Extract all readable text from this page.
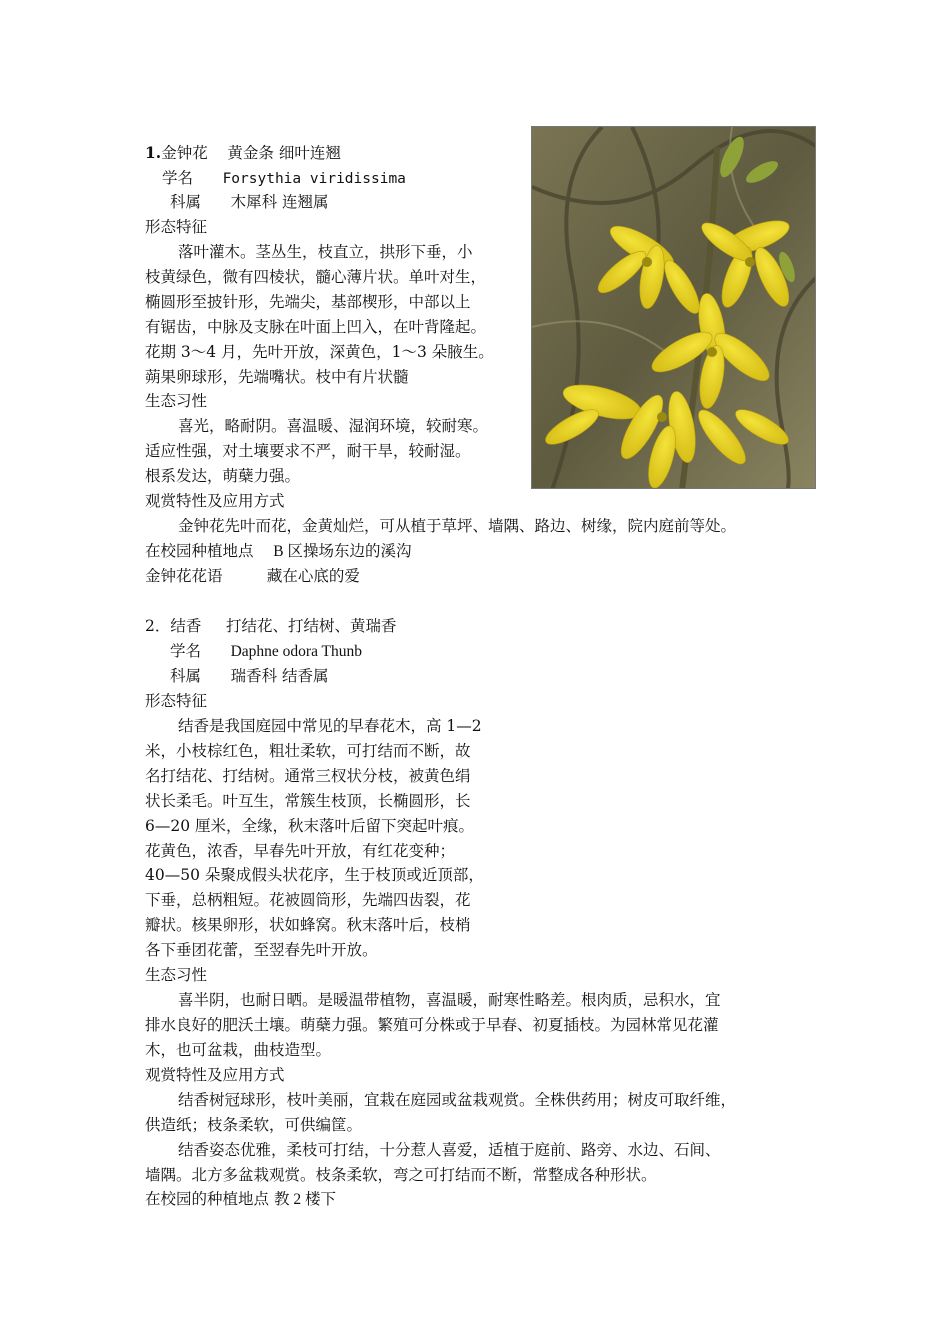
1.金钟花 黄金条 细叶连翘
学名 Forsythia viridissima
科属 木犀科 连翘属
形态特征
落叶灌木。茎丛生，枝直立，拱形下垂，小
枝黄绿色，微有四棱状，髓心薄片状。单叶对生，
椭圆形至披针形，先端尖，基部楔形，中部以上
有锯齿，中脉及支脉在叶面上凹入，在叶背隆起。
花期 3～4 月，先叶开放，深黄色，1～3 朵腋生。
蒴果卵球形，先端嘴状。枝中有片状髓
生态习性
喜光，略耐阴。喜温暖、湿润环境，较耐寒。
适应性强，对土壤要求不严，耐干旱，较耐湿。
根系发达，萌蘖力强。
观赏特性及应用方式
金钟花先叶而花，金黄灿烂，可从植于草坪、墙隅、路边、树缘，院内庭前等处。
在校园种植地点 B 区操场东边的溪沟
金钟花花语	藏在心底的爱
2．结香 打结花、打结树、黄瑞香
学名 Daphne odora Thunb
科属 瑞香科 结香属
形态特征
结香是我国庭园中常见的早春花木，高 1—2
米，小枝棕红色，粗壮柔软，可打结而不断，故
名打结花、打结树。通常三杈状分枝，被黄色绢
状长柔毛。叶互生，常簇生枝顶，长椭圆形，长
6—20 厘米，全缘，秋末落叶后留下突起叶痕。
花黄色，浓香，早春先叶开放，有红花变种；
40—50 朵聚成假头状花序，生于枝顶或近顶部，
下垂，总柄粗短。花被圆筒形，先端四齿裂，花
瓣状。核果卵形，状如蜂窝。秋末落叶后，枝梢
各下垂团花蕾，至翌春先叶开放。
生态习性
喜半阴，也耐日晒。是暖温带植物，喜温暖，耐寒性略差。根肉质，忌积水，宜
排水良好的肥沃土壤。萌蘖力强。繁殖可分株或于早春、初夏插枝。为园林常见花灌
木，也可盆栽，曲枝造型。
观赏特性及应用方式
结香树冠球形，枝叶美丽，宜栽在庭园或盆栽观赏。全株供药用；树皮可取纤维，
供造纸；枝条柔软，可供编筐。
结香姿态优雅，柔枝可打结，十分惹人喜爱，适植于庭前、路旁、水边、石间、
墙隅。北方多盆栽观赏。枝条柔软，弯之可打结而不断，常整成各种形状。
在校园的种植地点 教 2 楼下
